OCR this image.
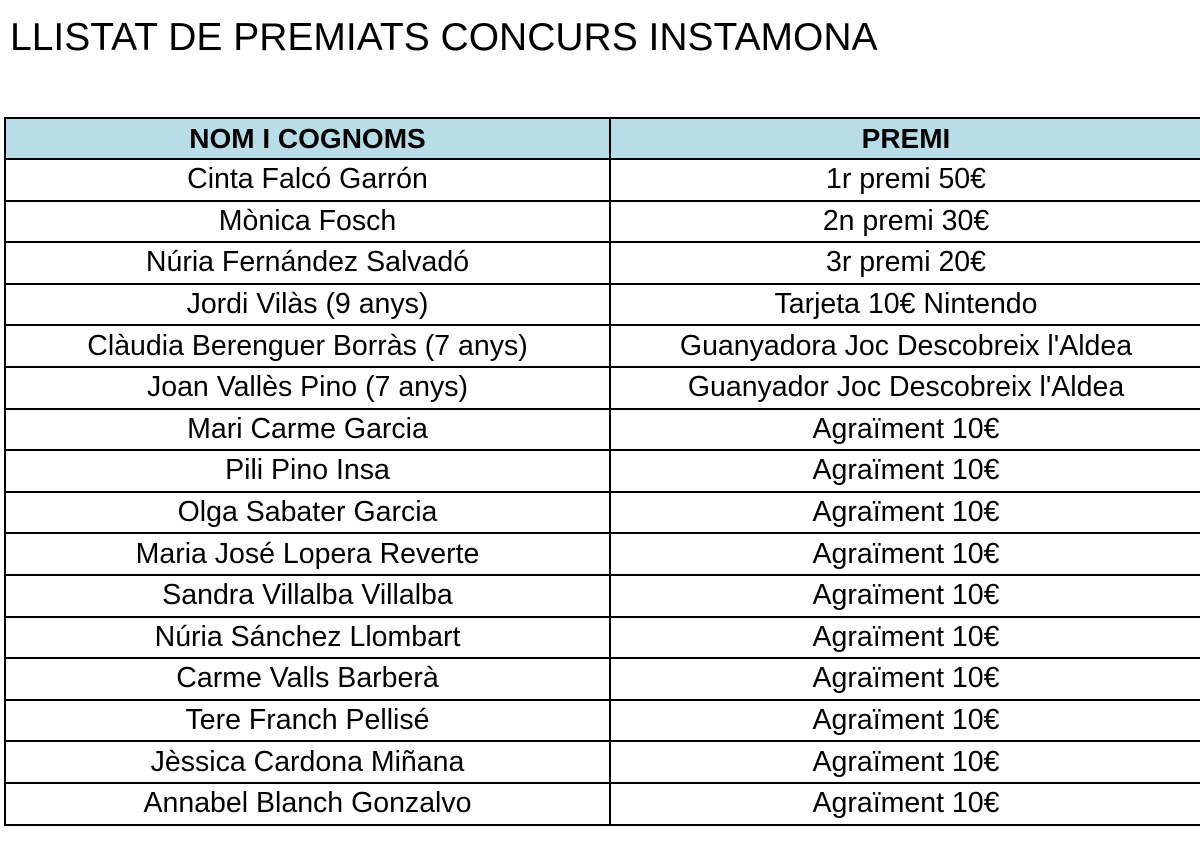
LLISTAT DE PREMIATS CONCURS INSTAMONA
NOM I COGNOMS	PREMI
Cinta Falcó Garrón	1r premi 50€
Mònica Fosch	2n premi 30€
Núria Fernández Salvadó	3r premi 20€
Jordi Vilàs (9 anys)	Tarjeta 10€ Nintendo
Clàudia Berenguer Borràs (7 anys)	Guanyadora Joc Descobreix l'Aldea
Joan Vallès Pino (7 anys)	Guanyador Joc Descobreix l'Aldea
Mari Carme Garcia	Agraïment 10€
Pili Pino Insa	Agraïment 10€
Olga Sabater Garcia	Agraïment 10€
Maria José Lopera Reverte	Agraïment 10€
Sandra Villalba Villalba	Agraïment 10€
Núria Sánchez Llombart	Agraïment 10€
Carme Valls Barberà	Agraïment 10€
Tere Franch Pellisé	Agraïment 10€
Jèssica Cardona Miñana	Agraïment 10€
Annabel Blanch Gonzalvo	Agraïment 10€
